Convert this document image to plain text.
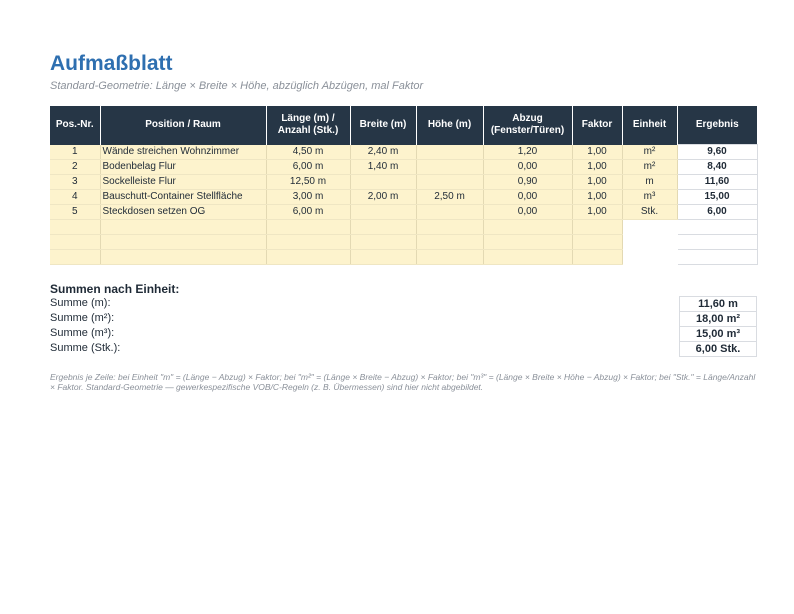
Aufmaßblatt
Standard-Geometrie: Länge × Breite × Höhe, abzüglich Abzügen, mal Faktor
Pos.-Nr.	Position / Raum	Länge (m) / Anzahl (Stk.)	Breite (m)	Höhe (m)	Abzug (Fenster/Türen)	Faktor	Einheit	Ergebnis
1	Wände streichen Wohnzimmer	4,50 m	2,40 m		1,20	1,00	m²	9,60
2	Bodenbelag Flur	6,00 m	1,40 m		0,00	1,00	m²	8,40
3	Sockelleiste Flur	12,50 m			0,90	1,00	m	11,60
4	Bauschutt-Container Stellfläche	3,00 m	2,00 m	2,50 m	0,00	1,00	m³	15,00
5	Steckdosen setzen OG	6,00 m			0,00	1,00	Stk.	6,00

Summen nach Einheit:
Summe (m):	11,60 m
Summe (m²):	18,00 m²
Summe (m³):	15,00 m³
Summe (Stk.):	6,00 Stk.
Ergebnis je Zeile: bei Einheit "m" = (Länge − Abzug) × Faktor; bei "m²" = (Länge × Breite − Abzug) × Faktor; bei "m³" = (Länge × Breite × Höhe − Abzug) × Faktor; bei "Stk." = Länge/Anzahl × Faktor. Standard-Geometrie — gewerkespezifische VOB/C-Regeln (z. B. Übermessen) sind hier nicht abgebildet.
